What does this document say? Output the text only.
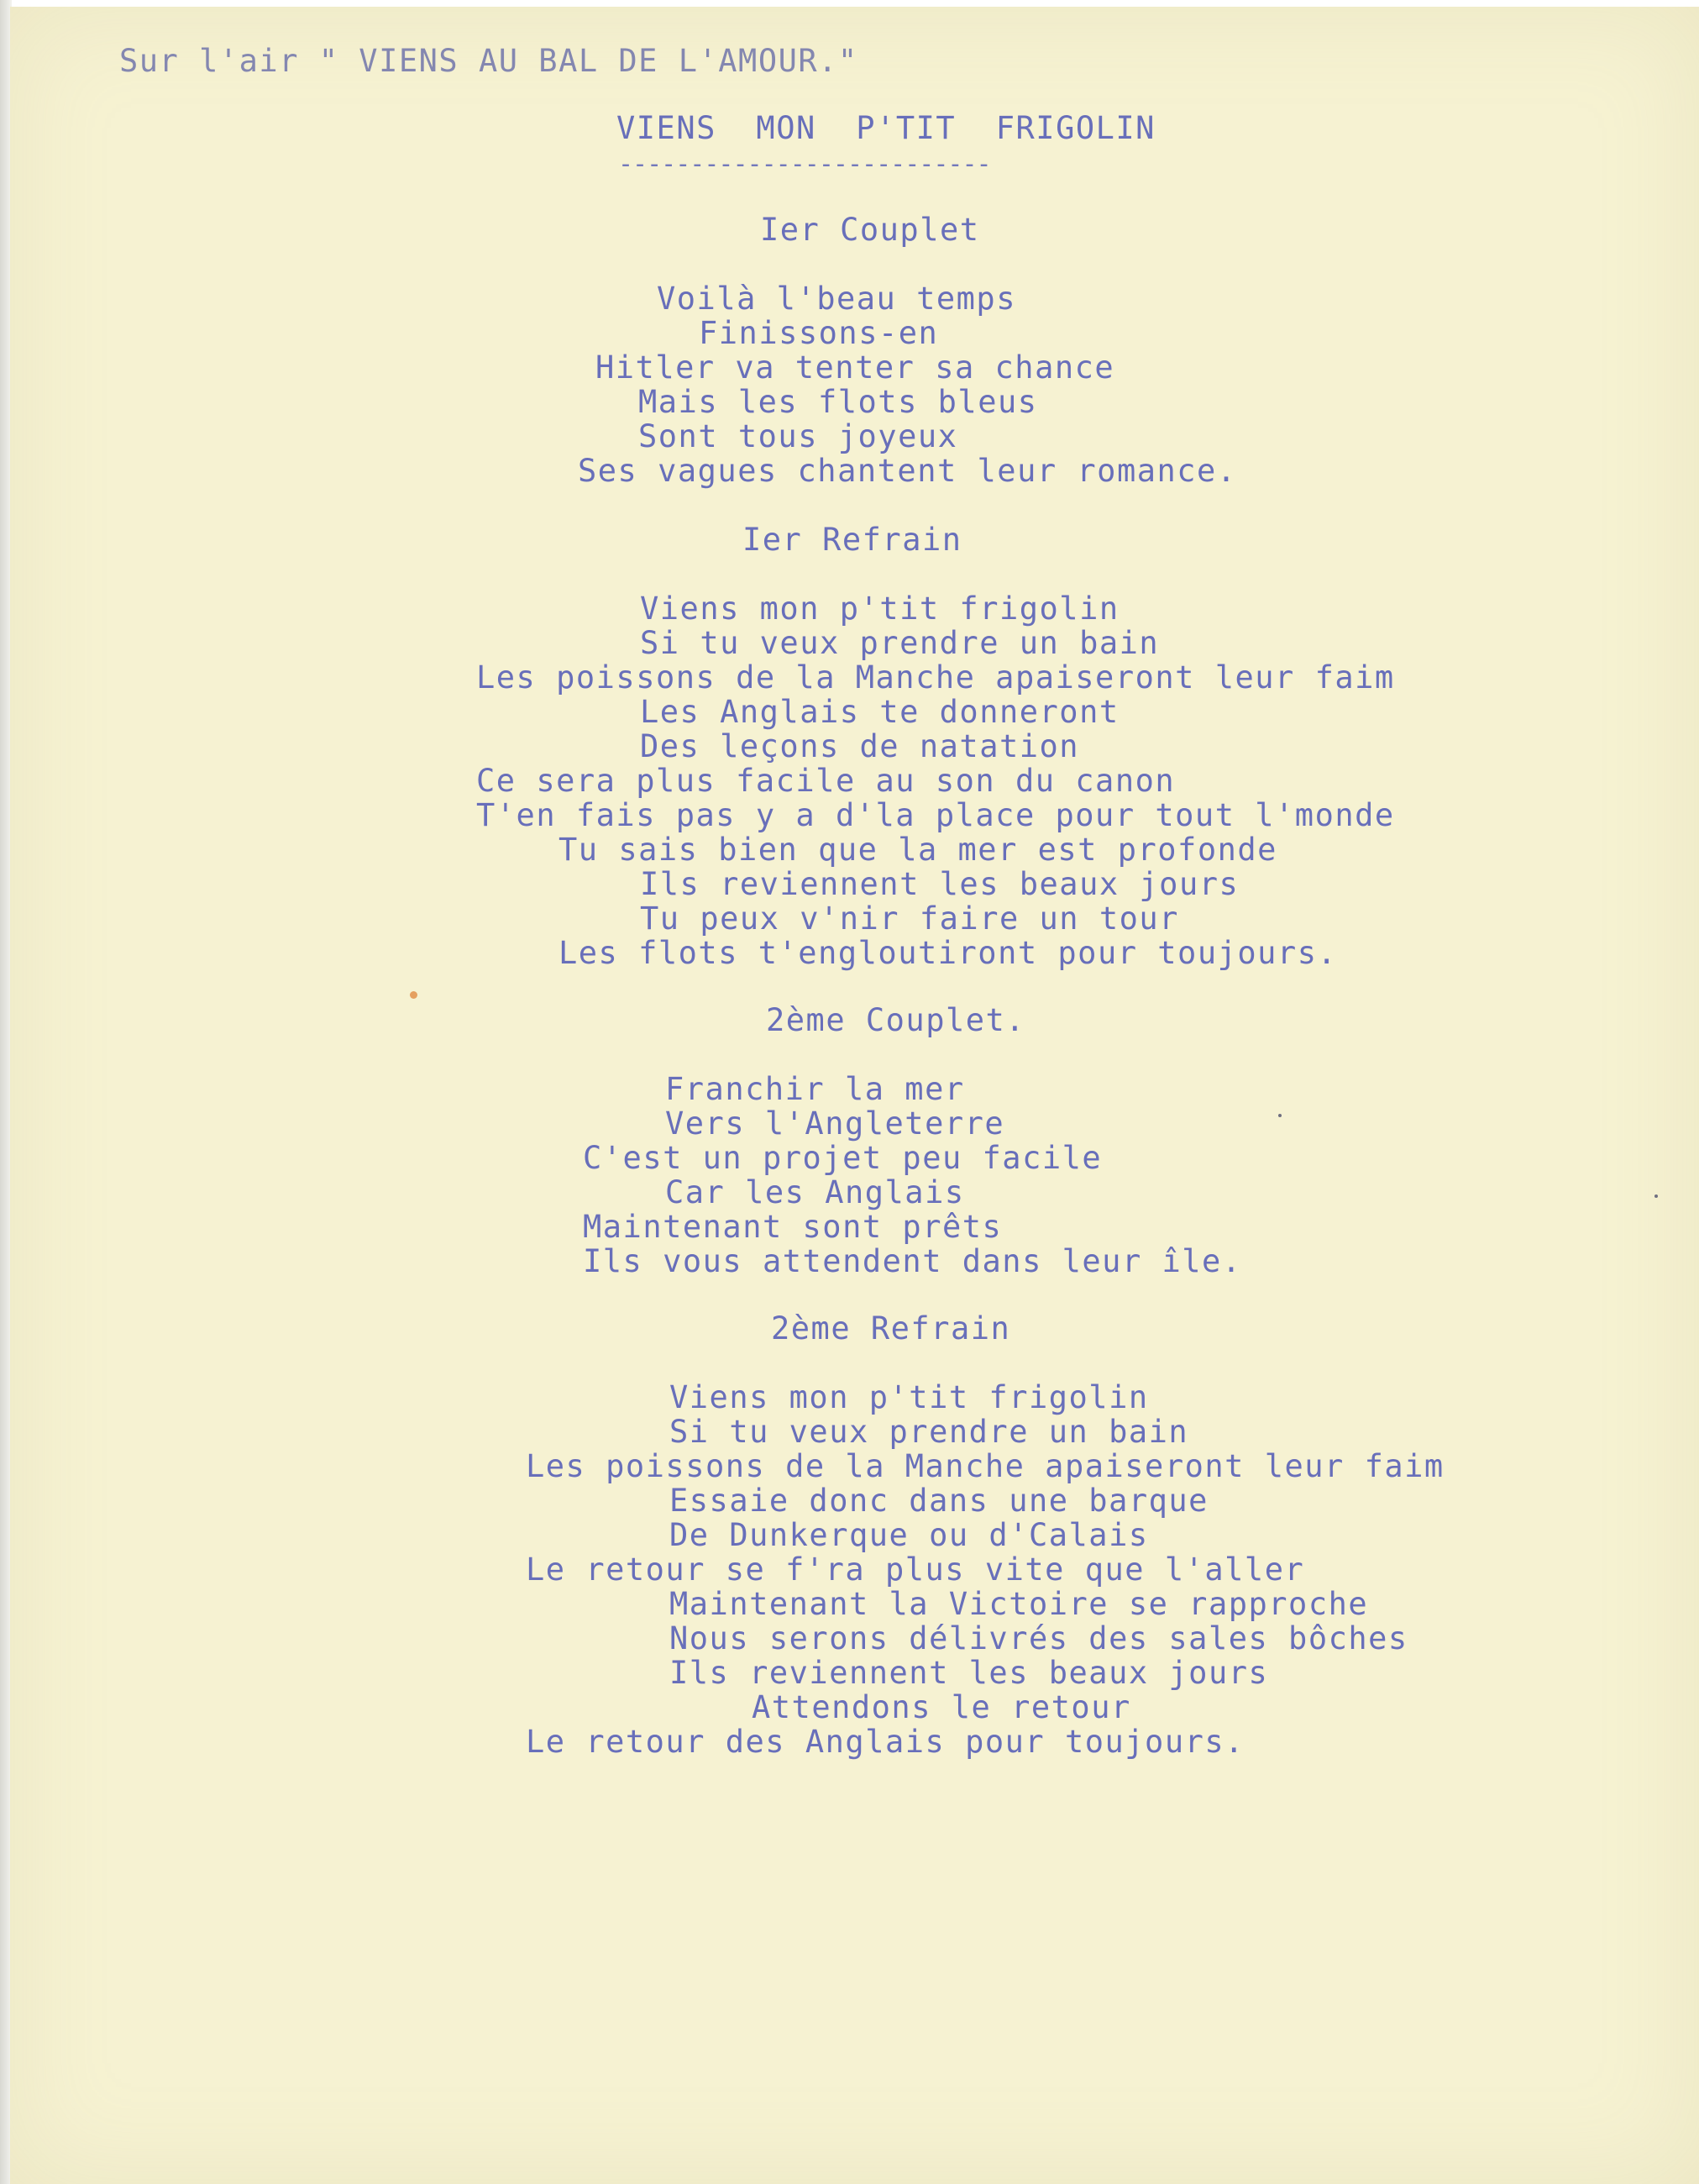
Sur l'air " VIENS AU BAL DE L'AMOUR."
VIENS  MON  P'TIT  FRIGOLIN
--------------------------
Ier Couplet
Voilà l'beau temps
Finissons-en
Hitler va tenter sa chance
Mais les flots bleus
Sont tous joyeux
Ses vagues chantent leur romance.
Ier Refrain
Viens mon p'tit frigolin
Si tu veux prendre un bain
Les poissons de la Manche apaiseront leur faim
Les Anglais te donneront
Des leçons de natation
Ce sera plus facile au son du canon
T'en fais pas y a d'la place pour tout l'monde
Tu sais bien que la mer est profonde
Ils reviennent les beaux jours
Tu peux v'nir faire un tour
Les flots t'engloutiront pour toujours.
2ème Couplet.
Franchir la mer
Vers l'Angleterre
C'est un projet peu facile
Car les Anglais
Maintenant sont prêts
Ils vous attendent dans leur île.
2ème Refrain
Viens mon p'tit frigolin
Si tu veux prendre un bain
Les poissons de la Manche apaiseront leur faim
Essaie donc dans une barque
De Dunkerque ou d'Calais
Le retour se f'ra plus vite que l'aller
Maintenant la Victoire se rapproche
Nous serons délivrés des sales bôches
Ils reviennent les beaux jours
Attendons le retour
Le retour des Anglais pour toujours.
